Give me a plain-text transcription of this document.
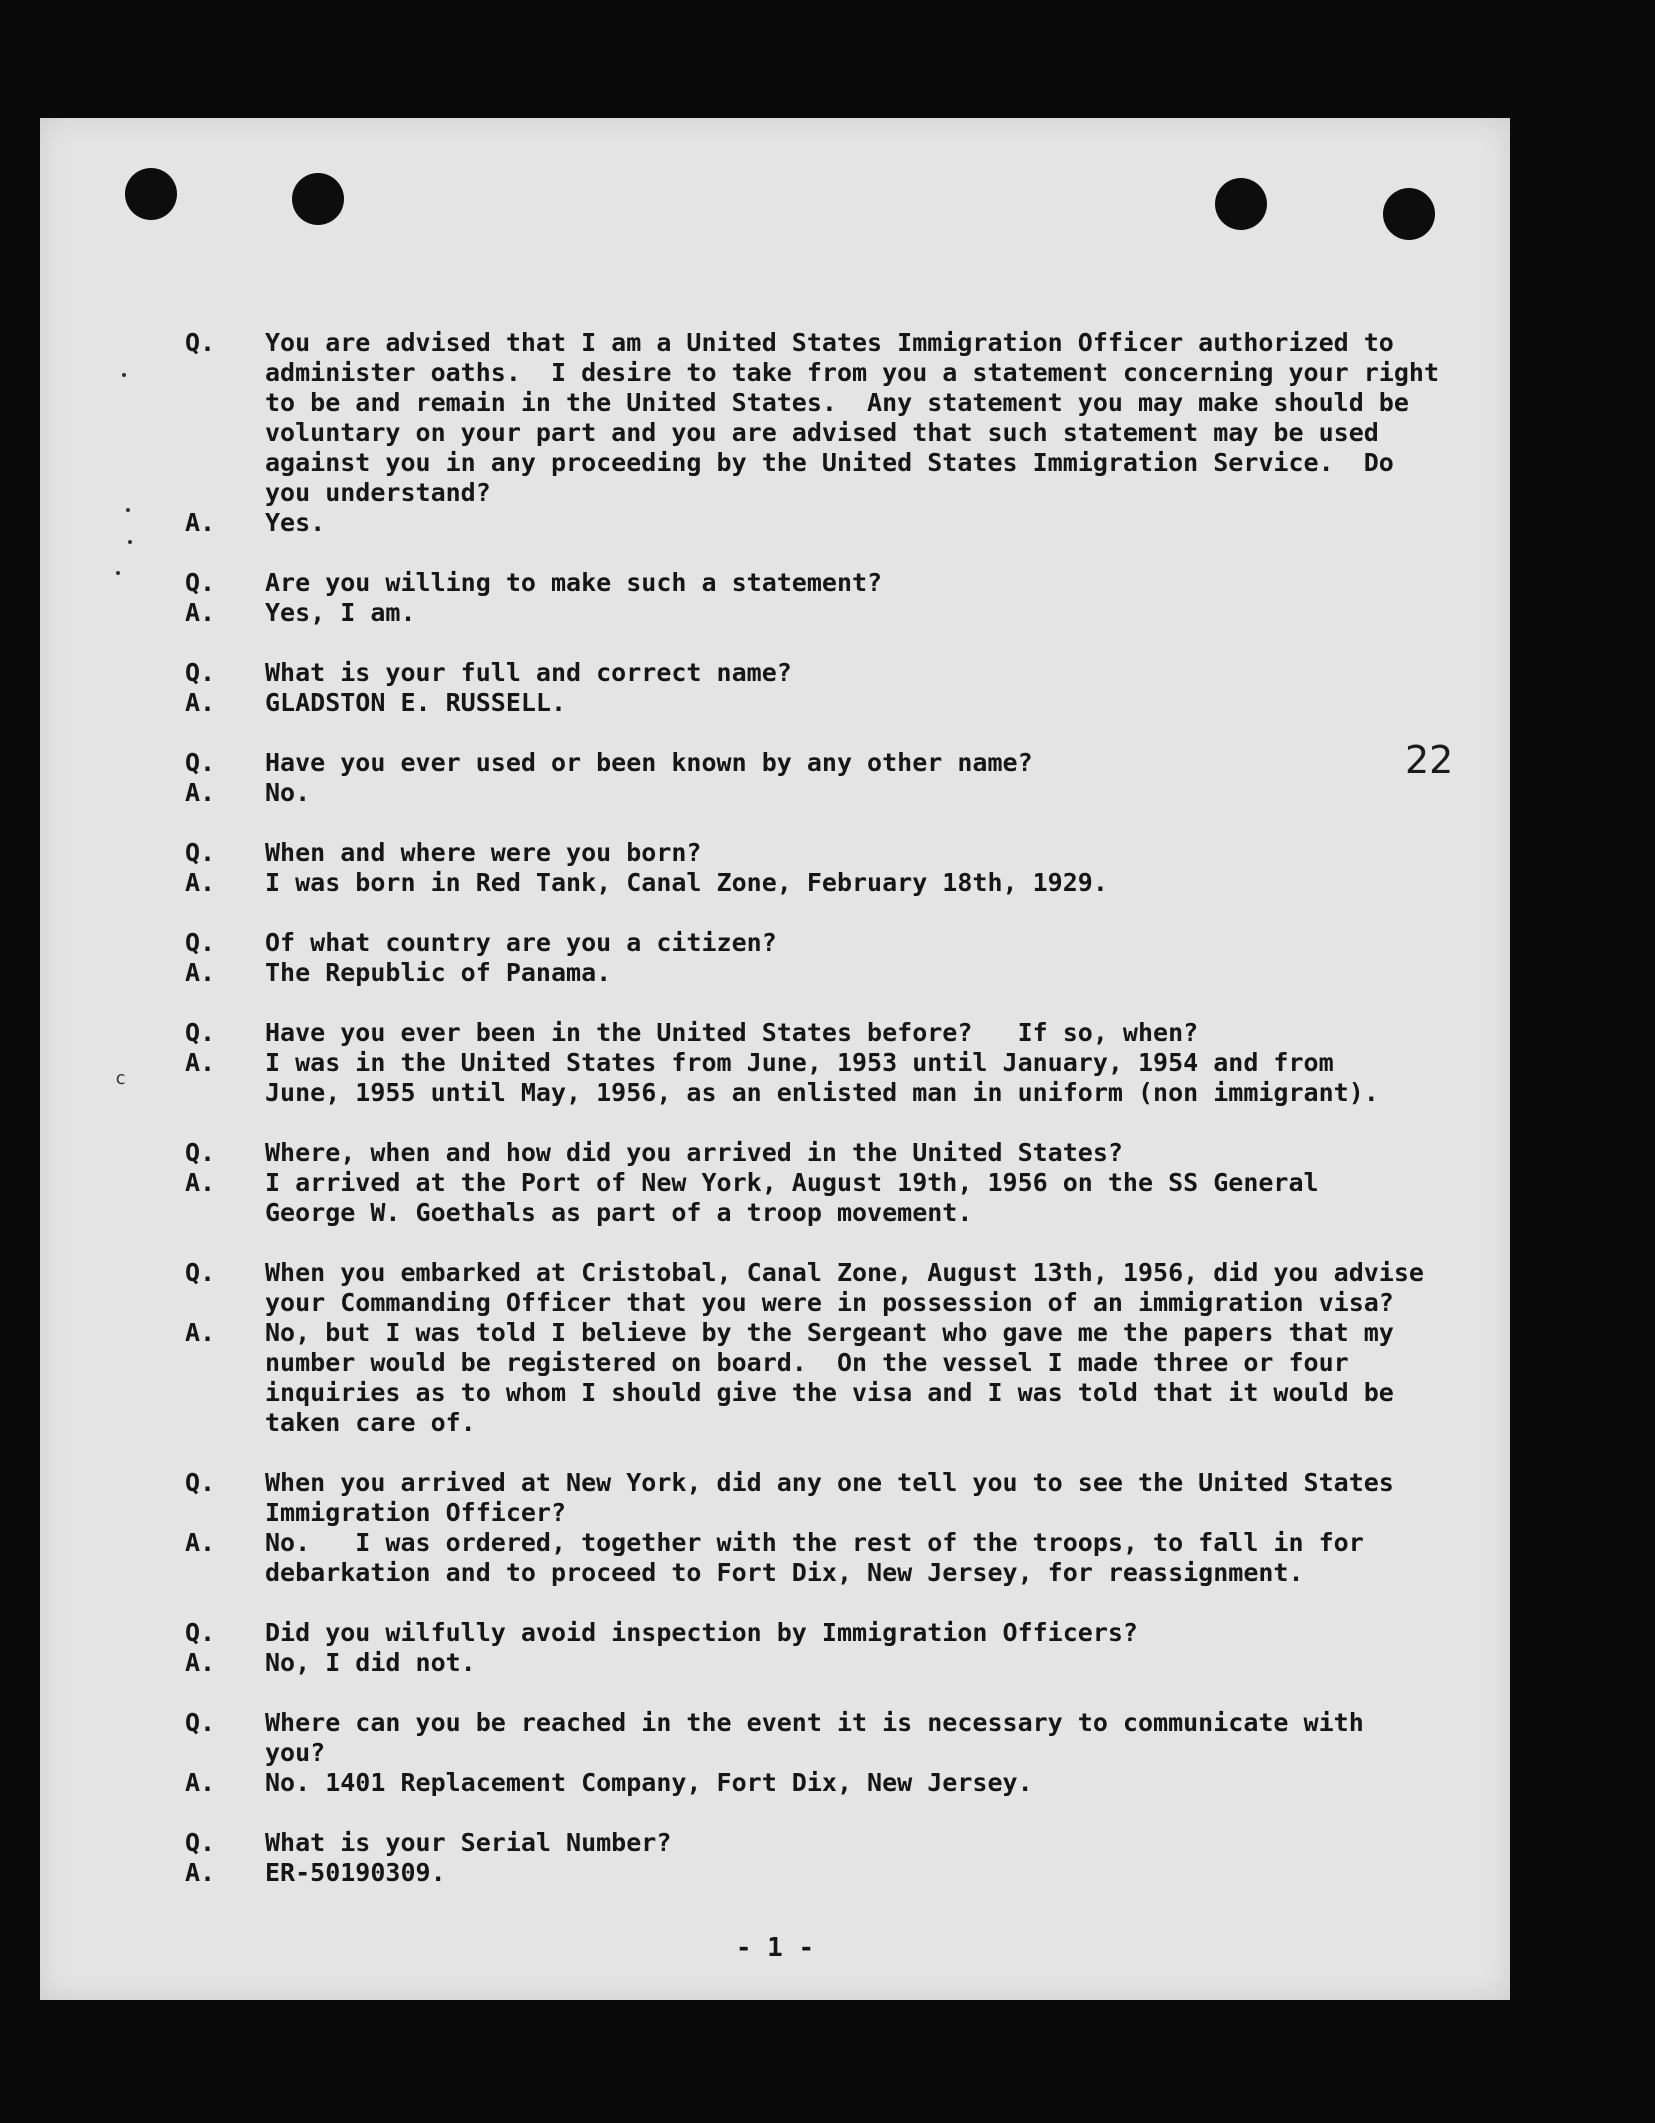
c
22
Q.	You are advised that I am a United States Immigration Officer authorized to
administer oaths.  I desire to take from you a statement concerning your right
to be and remain in the United States.  Any statement you may make should be
voluntary on your part and you are advised that such statement may be used
against you in any proceeding by the United States Immigration Service.  Do
you understand?
A.	Yes.
Q.	Are you willing to make such a statement?
A.	Yes, I am.
Q.	What is your full and correct name?
A.	GLADSTON E. RUSSELL.
Q.	Have you ever used or been known by any other name?
A.	No.
Q.	When and where were you born?
A.	I was born in Red Tank, Canal Zone, February 18th, 1929.
Q.	Of what country are you a citizen?
A.	The Republic of Panama.
Q.	Have you ever been in the United States before?   If so, when?
A.	I was in the United States from June, 1953 until January, 1954 and from
June, 1955 until May, 1956, as an enlisted man in uniform (non immigrant).
Q.	Where, when and how did you arrived in the United States?
A.	I arrived at the Port of New York, August 19th, 1956 on the SS General
George W. Goethals as part of a troop movement.
Q.	When you embarked at Cristobal, Canal Zone, August 13th, 1956, did you advise
your Commanding Officer that you were in possession of an immigration visa?
A.	No, but I was told I believe by the Sergeant who gave me the papers that my
number would be registered on board.  On the vessel I made three or four
inquiries as to whom I should give the visa and I was told that it would be
taken care of.
Q.	When you arrived at New York, did any one tell you to see the United States
Immigration Officer?
A.	No.   I was ordered, together with the rest of the troops, to fall in for
debarkation and to proceed to Fort Dix, New Jersey, for reassignment.
Q.	Did you wilfully avoid inspection by Immigration Officers?
A.	No, I did not.
Q.	Where can you be reached in the event it is necessary to communicate with
you?
A.	No. 1401 Replacement Company, Fort Dix, New Jersey.
Q.	What is your Serial Number?
A.	ER-50190309.
- 1 -
